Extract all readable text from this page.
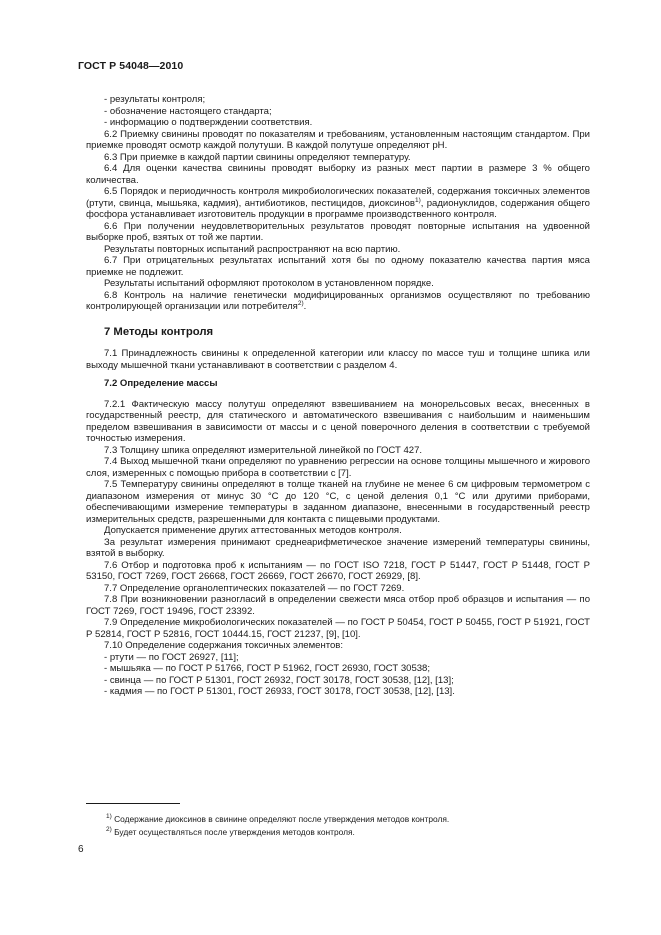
ГОСТ Р 54048—2010

- результаты контроля;

- обозначение настоящего стандарта;

- информацию о подтверждении соответствия.

6.2 Приемку свинины проводят по показателям и требованиям, установленным настоящим стандартом. При приемке проводят осмотр каждой полутуши. В каждой полутуше определяют pH.

6.3 При приемке в каждой партии свинины определяют температуру.

6.4 Для оценки качества свинины проводят выборку из разных мест партии в размере 3 % общего количества.

6.5 Порядок и периодичность контроля микробиологических показателей, содержания токсичных элементов (ртути, свинца, мышьяка, кадмия), антибиотиков, пестицидов, диоксинов$^{1)}$, радионуклидов, содержания общего фосфора устанавливает изготовитель продукции в программе производственного контроля.

6.6 При получении неудовлетворительных результатов проводят повторные испытания на удвоенной выборке проб, взятых от той же партии.

Результаты повторных испытаний распространяют на всю партию.

6.7 При отрицательных результатах испытаний хотя бы по одному показателю качества партия мяса приемке не подлежит.

Результаты испытаний оформляют протоколом в установленном порядке.

6.8 Контроль на наличие генетически модифицированных организмов осуществляют по требованию контролирующей организации или потребителя$^{2)}$.

7 Методы контроля

7.1 Принадлежность свинины к определенной категории или классу по массе туш и толщине шпика или выходу мышечной ткани устанавливают в соответствии с разделом 4.

7.2 Определение массы

7.2.1 Фактическую массу полутуш определяют взвешиванием на монорельсовых весах, внесенных в государственный реестр, для статического и автоматического взвешивания с наибольшим и наименьшим пределом взвешивания в зависимости от массы и с ценой поверочного деления в соответствии с требуемой точностью измерения.

7.3 Толщину шпика определяют измерительной линейкой по ГОСТ 427.

7.4 Выход мышечной ткани определяют по уравнению регрессии на основе толщины мышечного и жирового слоя, измеренных с помощью прибора в соответствии с [7].

7.5 Температуру свинины определяют в толще тканей на глубине не менее 6 см цифровым термометром с диапазоном измерения от минус 30 °С до 120 °С, с ценой деления 0,1 °С или другими приборами, обеспечивающими измерение температуры в заданном диапазоне, внесенными в государственный реестр измерительных средств, разрешенными для контакта с пищевыми продуктами.

Допускается применение других аттестованных методов контроля.

За результат измерения принимают среднеарифметическое значение измерений температуры свинины, взятой в выборку.

7.6 Отбор и подготовка проб к испытаниям — по ГОСТ ISO 7218, ГОСТ Р 51447, ГОСТ Р 51448, ГОСТ Р 53150, ГОСТ 7269, ГОСТ 26668, ГОСТ 26669, ГОСТ 26670, ГОСТ 26929, [8].

7.7 Определение органолептических показателей — по ГОСТ 7269.

7.8 При возникновении разногласий в определении свежести мяса отбор проб образцов и испытания — по ГОСТ 7269, ГОСТ 19496, ГОСТ 23392.

7.9 Определение микробиологических показателей — по ГОСТ Р 50454, ГОСТ Р 50455, ГОСТ Р 51921, ГОСТ Р 52814, ГОСТ Р 52816, ГОСТ 10444.15, ГОСТ 21237, [9], [10].

7.10 Определение содержания токсичных элементов:

- ртути — по ГОСТ 26927, [11];

- мышьяка — по ГОСТ Р 51766, ГОСТ Р 51962, ГОСТ 26930, ГОСТ 30538;

- свинца — по ГОСТ Р 51301, ГОСТ 26932, ГОСТ 30178, ГОСТ 30538, [12], [13];

- кадмия — по ГОСТ Р 51301, ГОСТ 26933, ГОСТ 30178, ГОСТ 30538, [12], [13].

$^{1)}$ Содержание диоксинов в свинине определяют после утверждения методов контроля.
$^{2)}$ Будет осуществляться после утверждения методов контроля.
6
